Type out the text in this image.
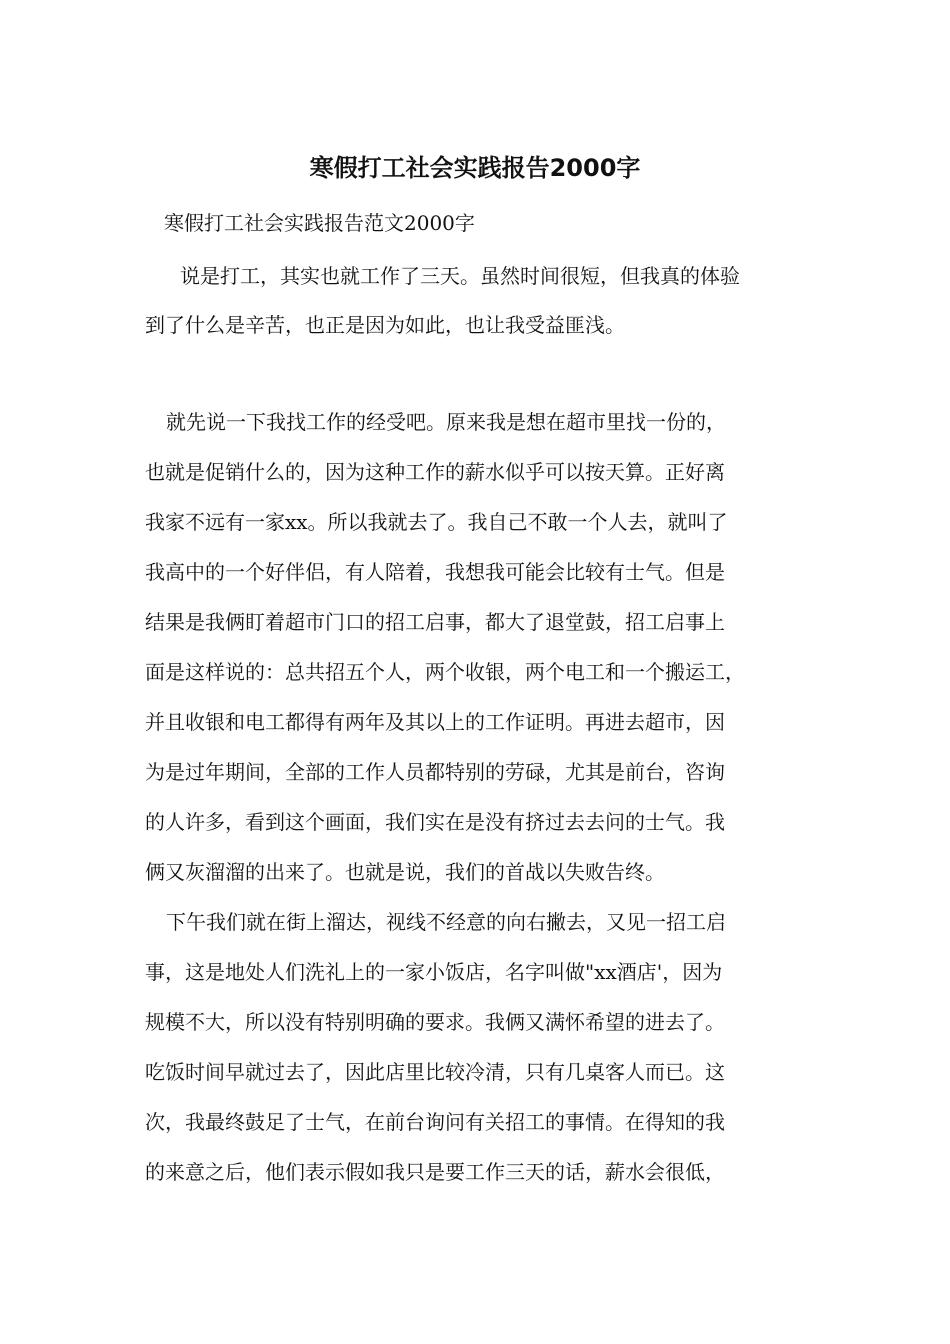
寒假打工社会实践报告2000字

寒假打工社会实践报告范文2000字

　说是打工，其实也就工作了三天。虽然时间很短，但我真的体验

到了什么是辛苦，也正是因为如此，也让我受益匪浅。

就先说一下我找工作的经受吧。原来我是想在超市里找一份的，

也就是促销什么的，因为这种工作的薪水似乎可以按天算。正好离

我家不远有一家xx。所以我就去了。我自己不敢一个人去，就叫了

我高中的一个好伴侣，有人陪着，我想我可能会比较有士气。但是

结果是我俩盯着超市门口的招工启事，都大了退堂鼓，招工启事上

面是这样说的：总共招五个人，两个收银，两个电工和一个搬运工，

并且收银和电工都得有两年及其以上的工作证明。再进去超市，因

为是过年期间，全部的工作人员都特别的劳碌，尤其是前台，咨询

的人许多，看到这个画面，我们实在是没有挤过去去问的士气。我

俩又灰溜溜的出来了。也就是说，我们的首战以失败告终。

下午我们就在街上溜达，视线不经意的向右撇去，又见一招工启

事，这是地处人们洗礼上的一家小饭店，名字叫做"xx酒店'，因为

规模不大，所以没有特别明确的要求。我俩又满怀希望的进去了。

吃饭时间早就过去了，因此店里比较冷清，只有几桌客人而已。这

次，我最终鼓足了士气，在前台询问有关招工的事情。在得知的我

的来意之后，他们表示假如我只是要工作三天的话，薪水会很低，
